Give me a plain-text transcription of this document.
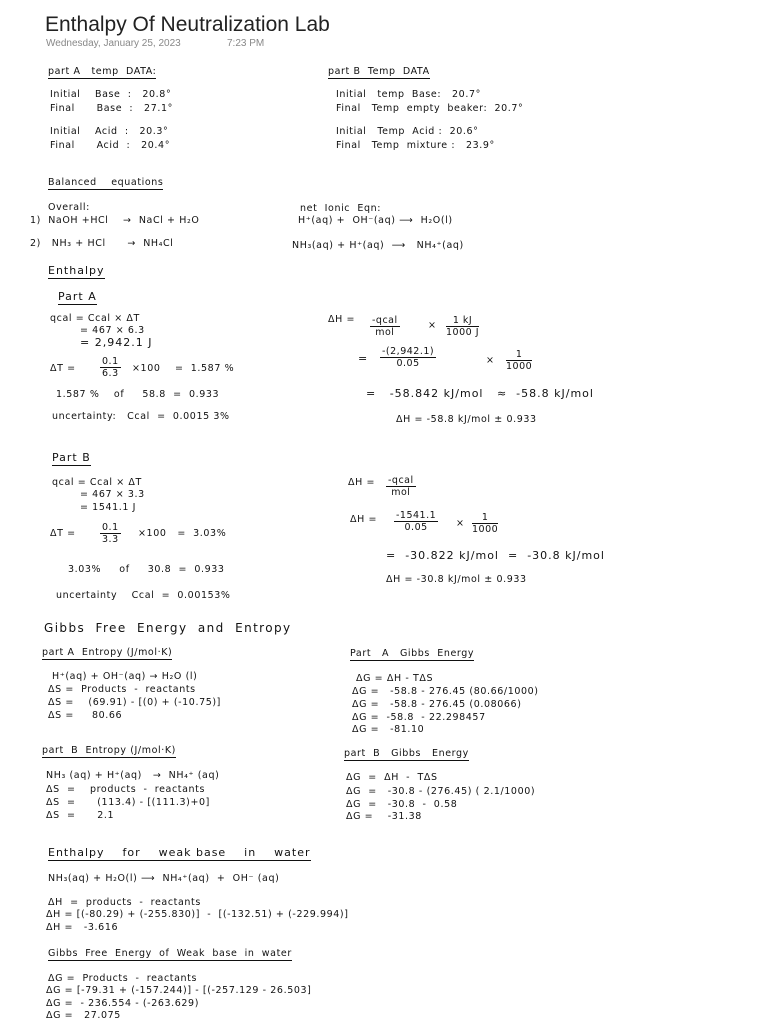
Enthalpy Of Neutralization Lab
Wednesday, January 25, 2023	7:23 PM
part A   temp  DATA:
Initial    Base  :   20.8°
Final      Base  :   27.1°
Initial    Acid  :   20.3°
Final      Acid  :   20.4°
part B  Temp  DATA
Initial   temp  Base:   20.7°
Final   Temp  empty  beaker:  20.7°
Initial   Temp  Acid :  20.6°
Final   Temp  mixture :   23.9°
Balanced    equations
Overall:
1)  NaOH +HCl    →  NaCl + H₂O
2)   NH₃ + HCl      →  NH₄Cl
net  Ionic  Eqn:
H⁺(aq) +  OH⁻(aq) ⟶  H₂O(l)
NH₃(aq) + H⁺(aq)  ⟶   NH₄⁺(aq)
Enthalpy
Part A
qcal = Ccal × ΔT
= 467 × 6.3
= 2,942.1 J
ΔT =	$\frac{0.1}{6.3} \times 100$    =  1.587 %
1.587 %    of     58.8  =  0.933
uncertainty:   Ccal  =  0.0015 3%
ΔH = -qcal
mol
× $\frac{1 kJ}{1000 J}$
= $\frac{-(2,942.1)}{0.05}$	× $\frac{1}{1000}$
=   -58.842 kJ/mol   ≈  -58.8 kJ/mol
ΔH = -58.8 kJ/mol ± 0.933
Part B
qcal = Ccal × ΔT
= 467 × 3.3
= 1541.1 J
ΔT =	$\frac{0.1}{3.3} \times 100 = 3.03\%$
3.03%     of     30.8  =  0.933
uncertainty    Ccal  =  0.00153%
ΔH = -qcal
mol
$\Delta H = \frac{-1541.1}{0.05} \times \frac{1}{1000}$
=  -30.822 kJ/mol  =  -30.8 kJ/mol
ΔH = -30.8 kJ/mol ± 0.933
Gibbs  Free  Energy  and  Entropy
part A  Entropy (J/mol·K)
H⁺(aq) + OH⁻(aq) → H₂O (l)
ΔS =  Products  -  reactants
ΔS =    (69.91) - [(0) + (-10.75)]
ΔS =     80.66
Part   A   Gibbs  Energy
ΔG = ΔH - TΔS
ΔG =   -58.8 - 276.45 (80.66/1000)
ΔG =   -58.8 - 276.45 (0.08066)
ΔG =  -58.8  - 22.298457
ΔG =   -81.10
part  B  Entropy (J/mol·K)
NH₃ (aq) + H⁺(aq)   →  NH₄⁺ (aq)
ΔS  =    products  -  reactants
ΔS  =      (113.4) - [(111.3)+0]
ΔS  =      2.1
part  B   Gibbs   Energy
ΔG  =  ΔH  -  TΔS
ΔG  =   -30.8 - (276.45) ( 2.1/1000)
ΔG  =   -30.8  -  0.58
ΔG =    -31.38
Enthalpy    for    weak base    in    water
NH₃(aq) + H₂O(l) ⟶  NH₄⁺(aq)  +  OH⁻ (aq)
ΔH  =  products  -  reactants
ΔH = [(-80.29) + (-255.830)]  -  [(-132.51) + (-229.994)]
ΔH =   -3.616
Gibbs  Free  Energy  of  Weak  base  in  water
ΔG =  Products  -  reactants
ΔG = [-79.31 + (-157.244)] - [(-257.129 - 26.503]
ΔG =  - 236.554 - (-263.629)
ΔG =   27.075
